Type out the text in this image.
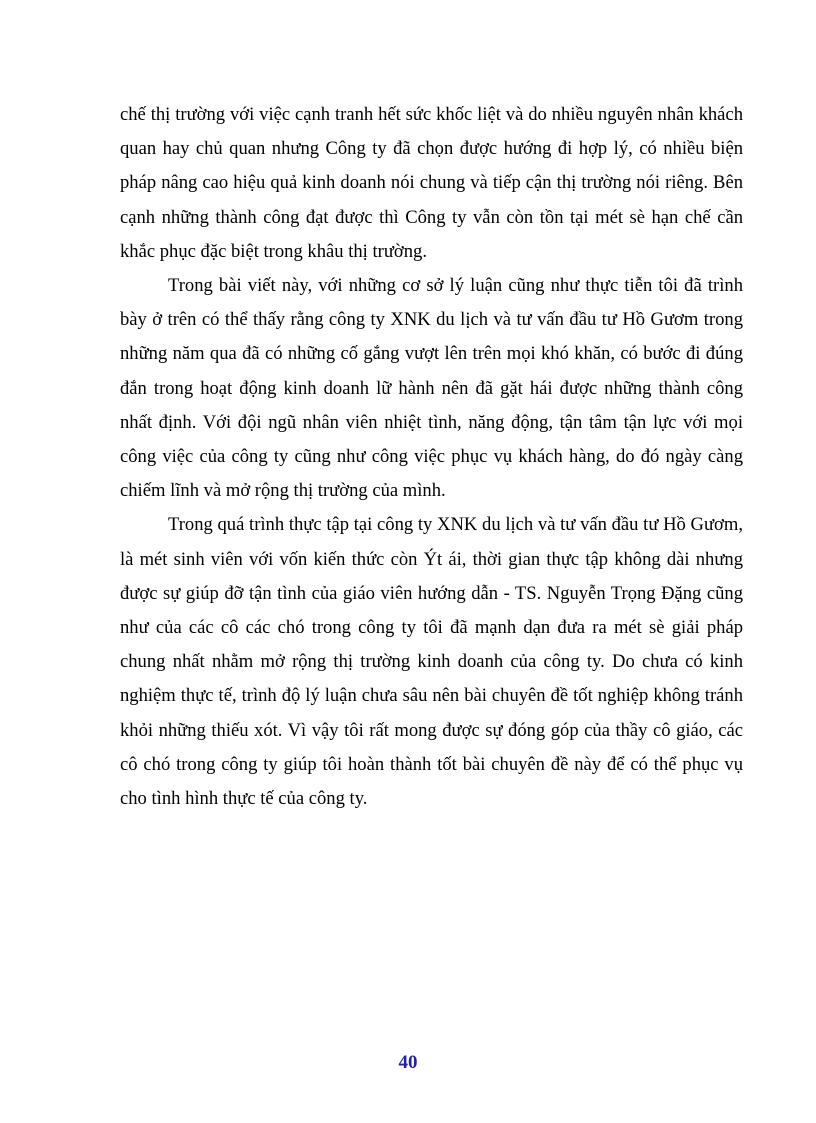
chế thị trường với việc cạnh tranh hết sức khốc liệt và do nhiều nguyên nhân khách quan hay chủ quan nhưng Công ty đã chọn được hướng đi hợp lý, có nhiều biện pháp nâng cao hiệu quả kinh doanh nói chung và tiếp cận thị trường nói riêng. Bên cạnh những thành công đạt được thì Công ty vẫn còn tồn tại mét sè hạn chế cần khắc phục đặc biệt trong khâu thị trường.

Trong bài viết này, với những cơ sở lý luận cũng như thực tiễn tôi đã trình bày ở trên có thể thấy rằng công ty XNK du lịch và tư vấn đầu tư Hồ Gươm trong những năm qua đã có những cố gắng vượt lên trên mọi khó khăn, có bước đi đúng đắn trong hoạt động kinh doanh lữ hành nên đã gặt hái được những thành công nhất định. Với đội ngũ nhân viên nhiệt tình, năng động, tận tâm tận lực với mọi công việc của công ty cũng như công việc phục vụ khách hàng, do đó ngày càng chiếm lĩnh và mở rộng thị trường của mình.

Trong quá trình thực tập tại công ty XNK du lịch và tư vấn đầu tư Hồ Gươm, là mét sinh viên với vốn kiến thức còn Ýt ái, thời gian thực tập không dài nhưng được sự giúp đỡ tận tình của giáo viên hướng dẫn - TS. Nguyễn Trọng Đặng cũng như của các cô các chó trong công ty tôi đã mạnh dạn đưa ra mét sè giải pháp chung nhất nhằm mở rộng thị trường kinh doanh của công ty. Do chưa có kinh nghiệm thực tế, trình độ lý luận chưa sâu nên bài chuyên đề tốt nghiệp không tránh khỏi những thiếu xót. Vì vậy tôi rất mong được sự đóng góp của thầy cô giáo, các cô chó trong công ty giúp tôi hoàn thành tốt bài chuyên đề này để có thể phục vụ cho tình hình thực tế của công ty.

40
